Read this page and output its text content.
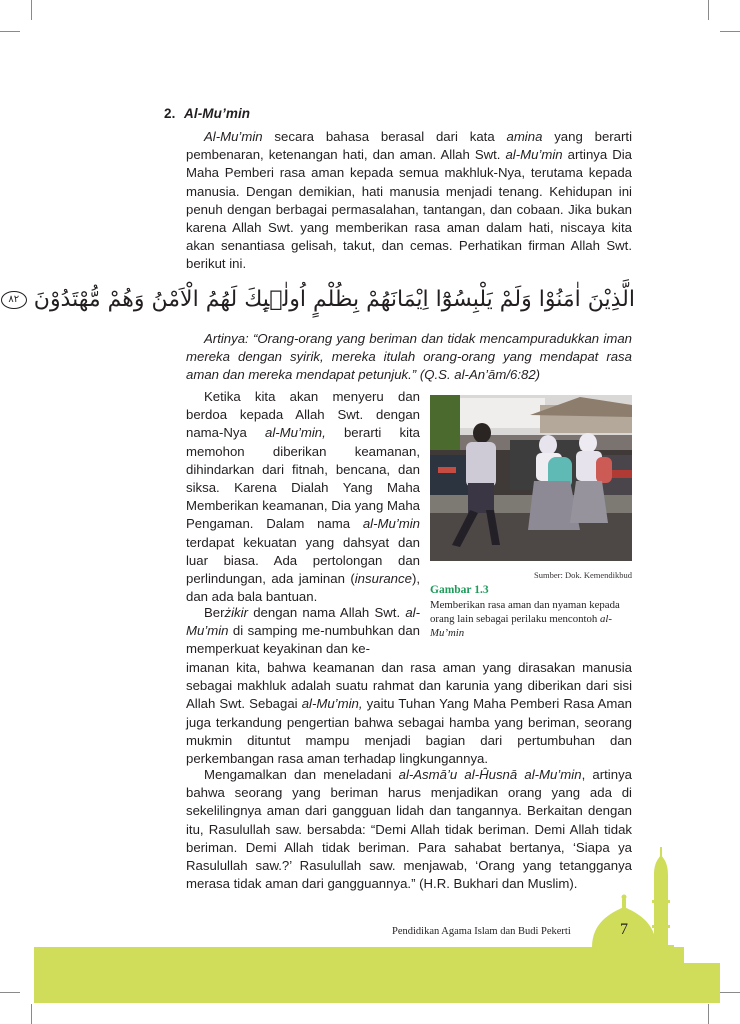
2. Al-Mu’min
Al-Mu’min secara bahasa berasal dari kata amina yang berarti pembenaran, ketenangan hati, dan aman. Allah Swt. al-Mu’min artinya Dia Maha Pemberi rasa aman kepada semua makhluk-Nya, terutama kepada manusia. Dengan demikian, hati manusia menjadi tenang. Kehidupan ini penuh dengan berbagai permasalahan, tantangan, dan cobaan. Jika bukan karena Allah Swt. yang memberikan rasa aman dalam hati, niscaya kita akan senantiasa gelisah, takut, dan cemas. Perhatikan firman Allah Swt. berikut ini.
الَّذِيْنَ اٰمَنُوْا وَلَمْ يَلْبِسُوْٓا اِيْمَانَهُمْ بِظُلْمٍ اُولٰۤىِٕكَ لَهُمُ الْاَمْنُ وَهُمْ مُّهْتَدُوْنَ ٨٢
Artinya: “Orang-orang yang beriman dan tidak mencampuradukkan iman mereka dengan syirik, mereka itulah orang-orang yang mendapat rasa aman dan mereka mendapat petunjuk.” (Q.S. al-An’ām/6:82)
Ketika kita akan menyeru dan berdoa kepada Allah Swt. dengan nama-Nya al-Mu’min, berarti kita memohon diberikan keamanan, dihindarkan dari fitnah, bencana, dan siksa. Karena Dialah Yang Maha Memberikan keamanan, Dia yang Maha Pengaman. Dalam nama al-Mu’min terdapat kekuatan yang dahsyat dan luar biasa. Ada pertolongan dan perlindungan, ada jaminan (insurance), dan ada bala bantuan.
Sumber: Dok. Kemendikbud
Gambar 1.3
Memberikan rasa aman dan nyaman kepada orang lain sebagai perilaku mencontoh al-Mu’min
Berżikir dengan nama Allah Swt. al-Mu’min di samping me-numbuhkan dan memperkuat keyakinan dan ke-
imanan kita, bahwa keamanan dan rasa aman yang dirasakan manusia sebagai makhluk adalah suatu rahmat dan karunia yang diberikan dari sisi Allah Swt. Sebagai al-Mu’min, yaitu Tuhan Yang Maha Pemberi Rasa Aman juga terkandung pengertian bahwa sebagai hamba yang beriman, seorang mukmin dituntut mampu menjadi bagian dari pertumbuhan dan perkembangan rasa aman terhadap lingkungannya.
Mengamalkan dan meneladani al-Asmā’u al-Ĥusnā al-Mu’min, artinya bahwa seorang yang beriman harus menjadikan orang yang ada di sekelilingnya aman dari gangguan lidah dan tangannya. Berkaitan dengan itu, Rasulullah saw. bersabda: “Demi Allah tidak beriman. Demi Allah tidak beriman. Demi Allah tidak beriman. Para sahabat bertanya, ‘Siapa ya Rasulullah saw.?’ Rasulullah saw. menjawab, ‘Orang yang tetangganya merasa tidak aman dari gangguannya.” (H.R. Bukhari dan Muslim).
Pendidikan Agama Islam dan Budi Pekerti	7
